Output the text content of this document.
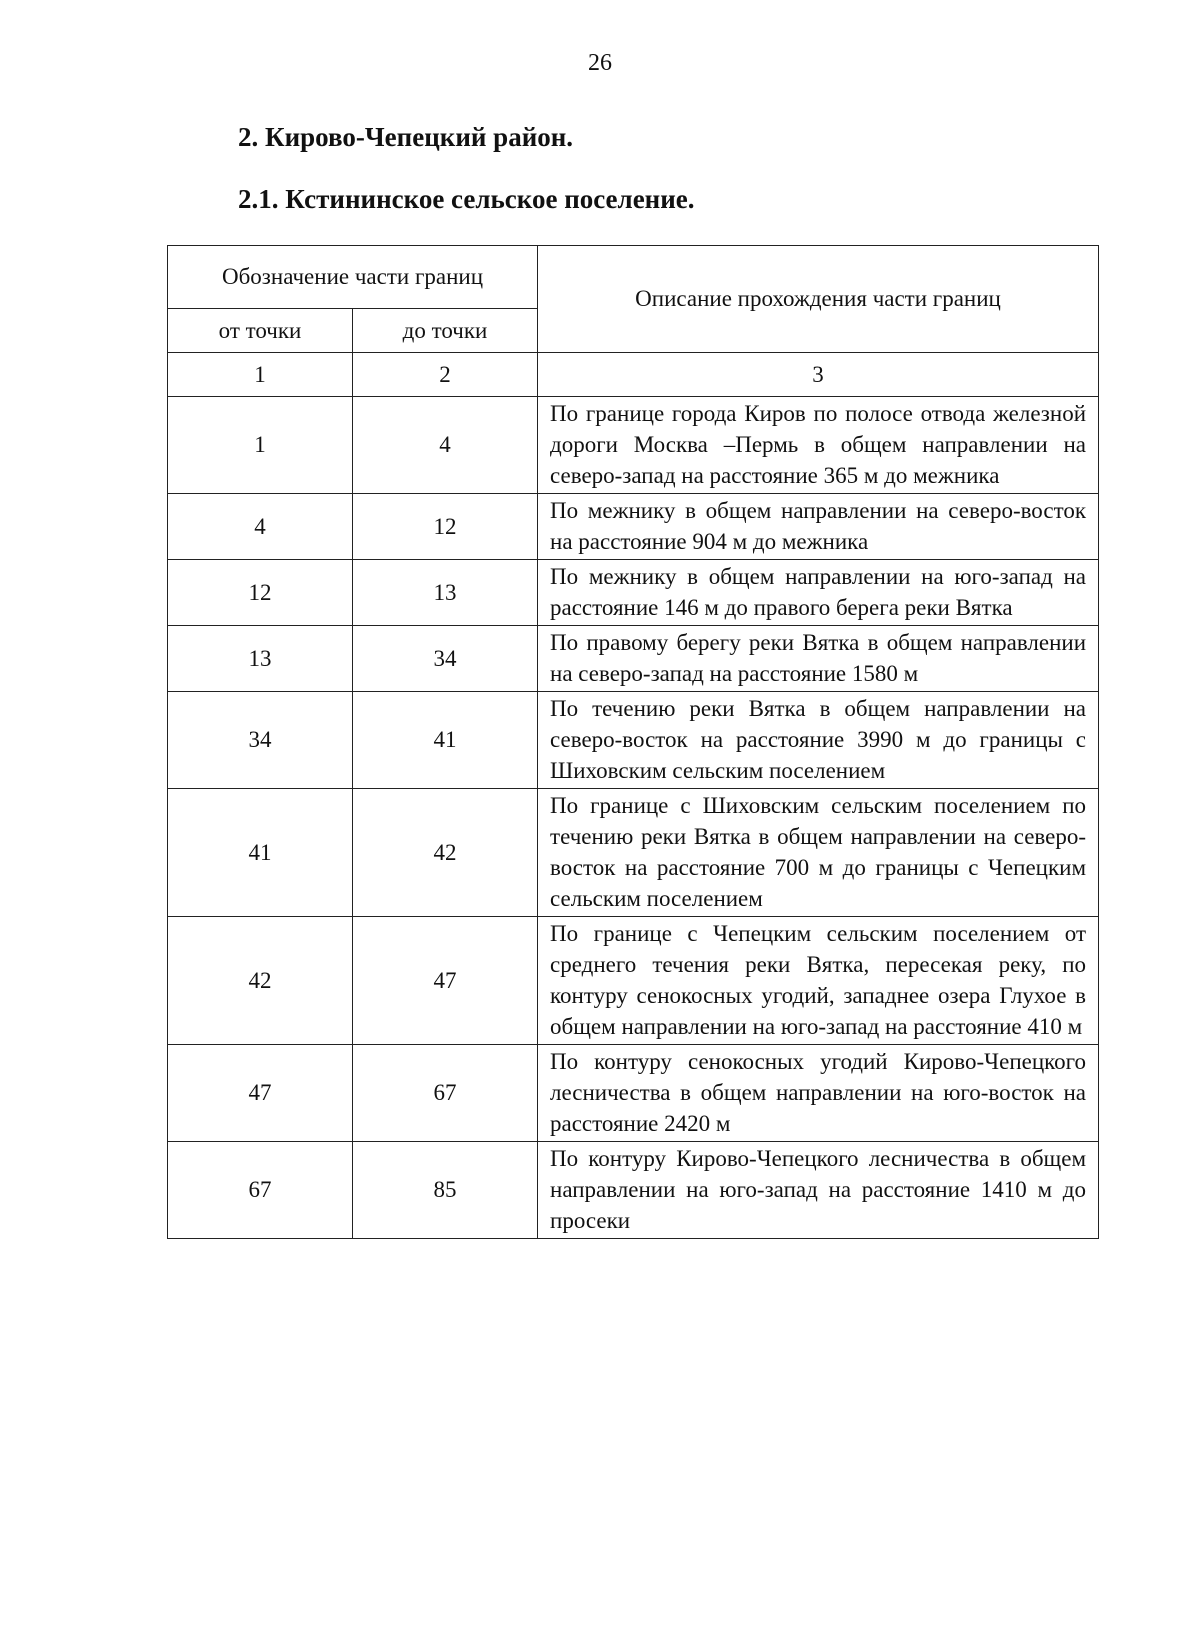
26
2. Кирово-Чепецкий район.
2.1. Кстининское сельское поселение.
Обозначение части границ		Описание прохождения части границ
от точки	до точки	
1	2	3
1	4	По границе города Киров по полосе отвода железной дороги Москва –Пермь в общем направлении на северо-запад на расстояние 365 м до межника
4	12	По межнику в общем направлении на северо-восток на расстояние 904 м до межника
12	13	По межнику в общем направлении на юго-запад на расстояние 146 м до правого берега реки Вятка
13	34	По правому берегу реки Вятка в общем направлении на северо-запад на расстояние 1580 м
34	41	По течению реки Вятка в общем направлении на северо-восток на расстояние 3990 м до границы с Шиховским сельским поселением
41	42	По границе с Шиховским сельским поселением по течению реки Вятка в общем направлении на северо-восток на расстояние 700 м до границы с Чепецким сельским поселением
42	47	По границе с Чепецким сельским поселением от среднего течения реки Вятка, пересекая реку, по контуру сенокосных угодий, западнее озера Глухое в общем направлении на юго-запад на расстояние 410 м
47	67	По контуру сенокосных угодий Кирово-Чепецкого лесничества в общем направлении на юго-восток на расстояние 2420 м
67	85	По контуру Кирово-Чепецкого лесничества в общем направлении на юго-запад на расстояние 1410 м до просеки
